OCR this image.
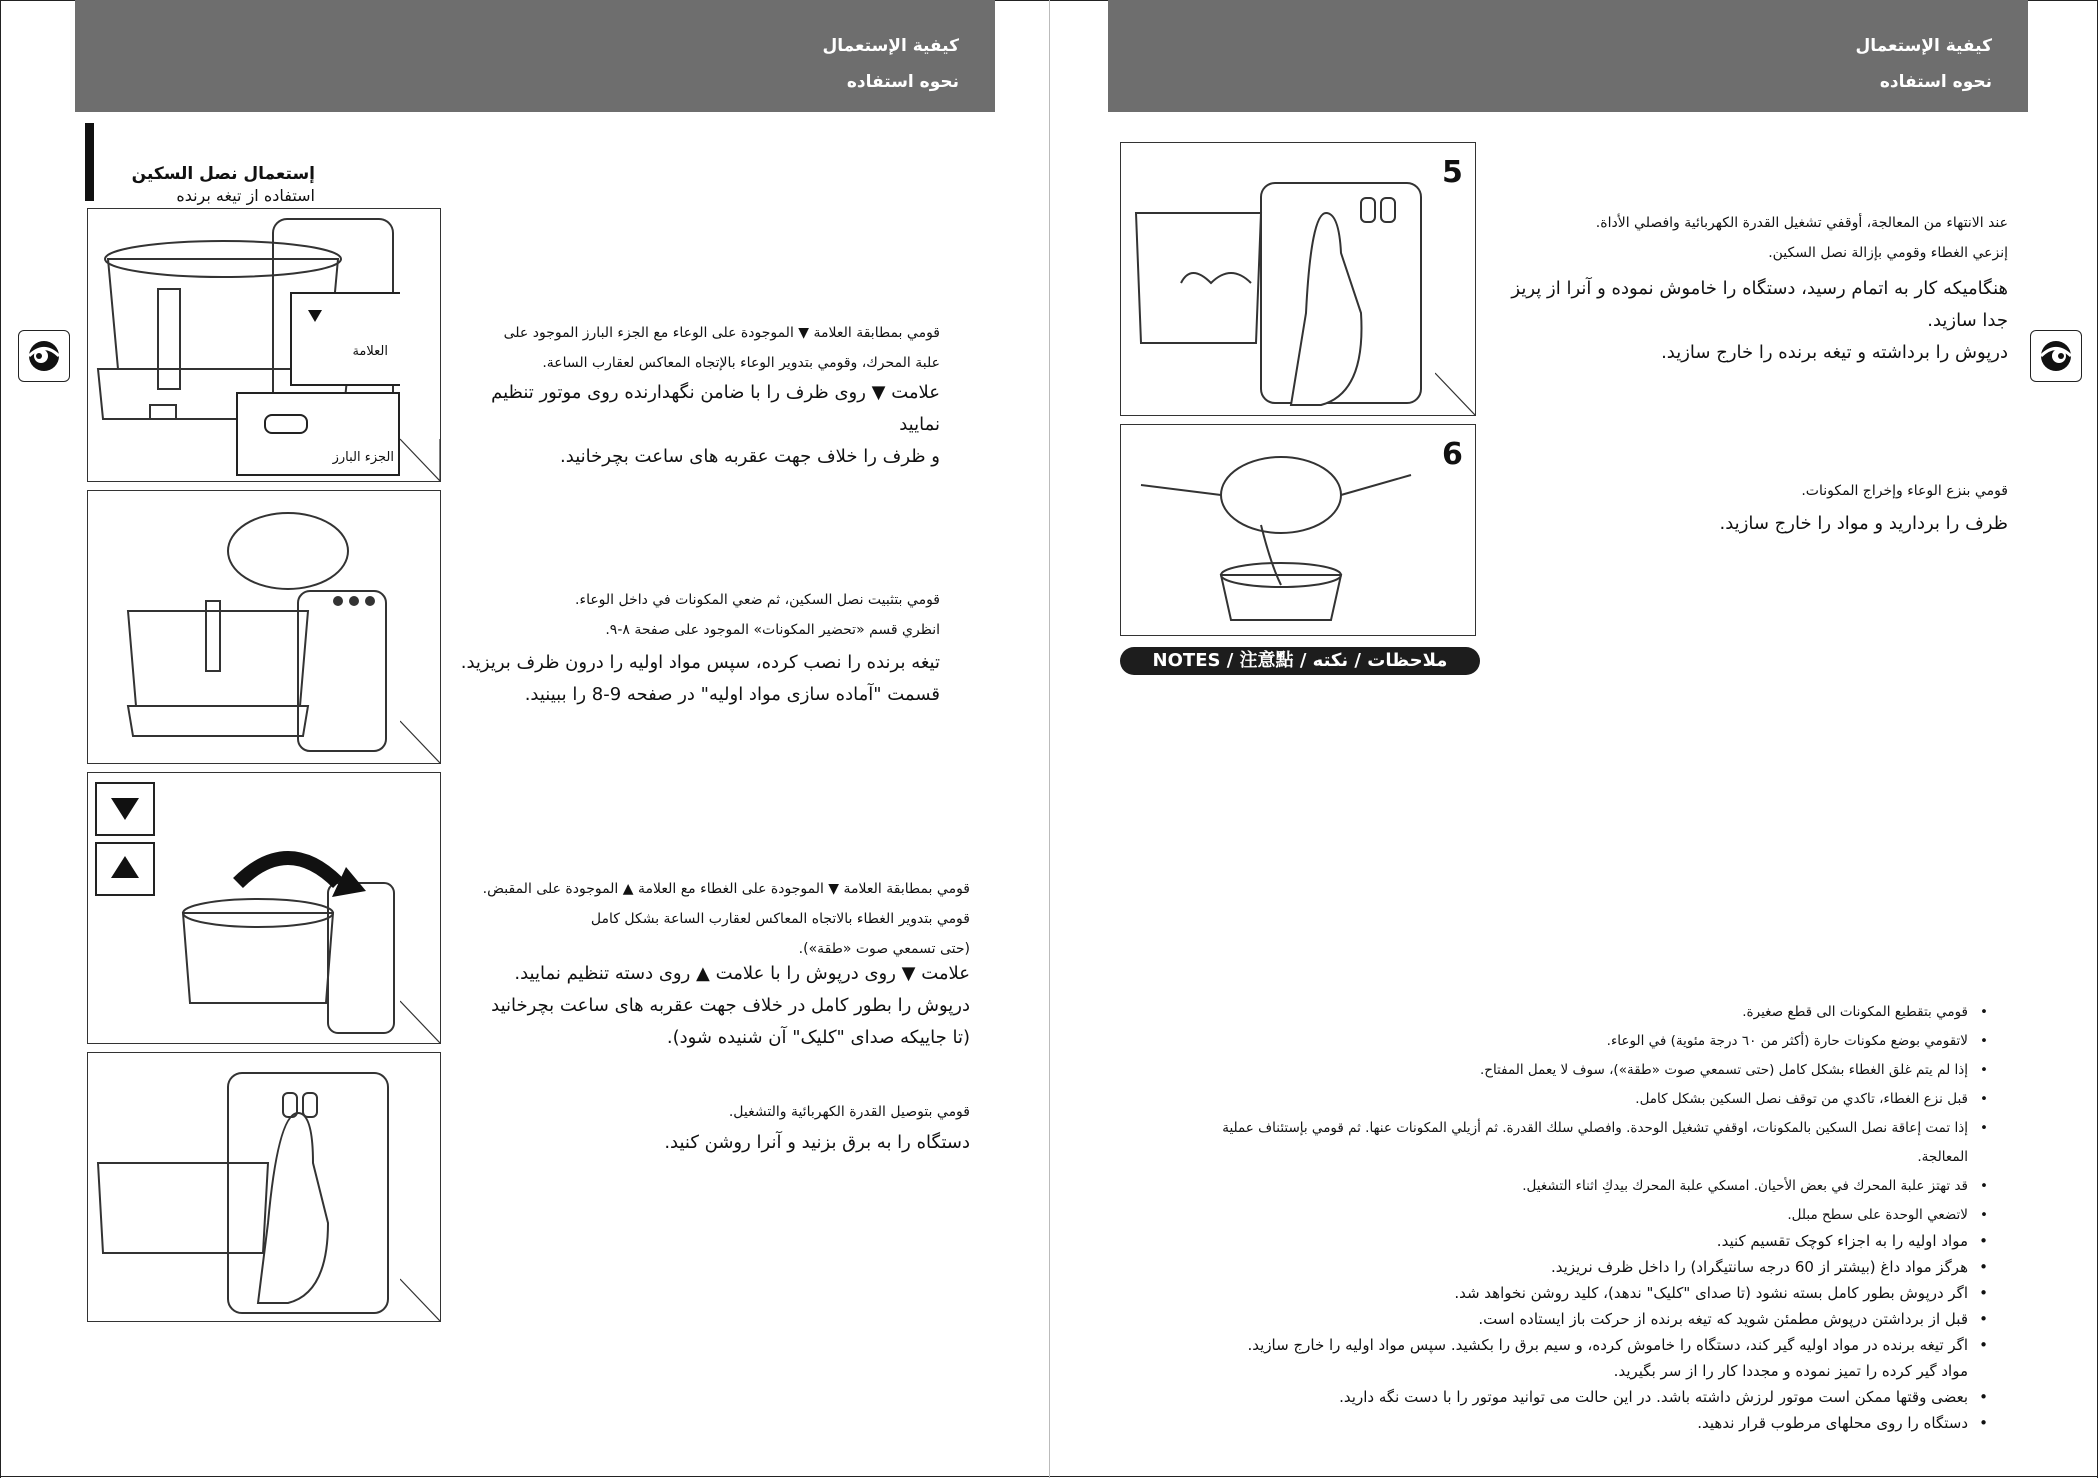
كيفية الإستعمال
نحوه استفاده
إستعمال نصل السكين
استفاده از تیغه برنده
العلامة
الجزء البارز
قومي بمطابقة العلامة ▼ الموجودة على الوعاء مع الجزء البارز الموجود على
علبة المحرك، وقومي بتدوير الوعاء بالإتجاه المعاكس لعقارب الساعة.
علامت ▼ روی ظرف را با ضامن نگهدارنده روی موتور تنظیم نمایید
و ظرف را خلاف جهت عقربه های ساعت بچرخانید.
قومي بتثبيت نصل السكين، ثم ضعي المكونات في داخل الوعاء.
انظري قسم «تحضير المكونات» الموجود على صفحة ٨-٩.
تیغه برنده را نصب کرده، سپس مواد اولیه را درون ظرف بریزید.
قسمت "آماده سازی مواد اولیه" در صفحه 9-8 را ببینید.
قومي بمطابقة العلامة ▼ الموجودة على الغطاء مع العلامة ▲ الموجودة على المقبض.
قومي بتدوير الغطاء بالاتجاه المعاكس لعقارب الساعة بشكل كامل
(حتى تسمعي صوت «طقة»).
علامت ▼ روی درپوش را با علامت ▲ روی دسته تنظیم نمایید.
درپوش را بطور کامل در خلاف جهت عقربه های ساعت بچرخانید
(تا جاییکه صدای "کلیک" آن شنیده شود).
قومي بتوصيل القدرة الكهربائية والتشغيل.
دستگاه را به برق بزنید و آنرا روشن کنید.
كيفية الإستعمال
نحوه استفاده
5
عند الانتهاء من المعالجة، أوقفي تشغيل القدرة الكهربائية وافصلي الأداة.
إنزعي الغطاء وقومي بإزالة نصل السكين.
هنگامیکه کار به اتمام رسید، دستگاه را خاموش نموده و آنرا از پریز جدا سازید.
درپوش را برداشته و تیغه برنده را خارج سازید.
6
قومي بنزع الوعاء وإخراج المكونات.
ظرف را بردارید و مواد را خارج سازید.
NOTES / 注意點 / ملاحظات / نکته
• قومي بتقطيع المكونات الى قطع صغيرة.
• لاتقومي بوضع مكونات حارة (أكثر من ٦٠ درجة مئوية) في الوعاء.
• إذا لم يتم غلق الغطاء بشكل كامل (حتى تسمعي صوت «طقة»)، سوف لا يعمل المفتاح.
• قبل نزع الغطاء، تاكدي من توقف نصل السكين بشكل كامل.
• إذا تمت إعاقة نصل السكين بالمكونات، اوقفي تشغيل الوحدة. وافصلي سلك القدرة. ثم أزيلي المكونات عنها. ثم قومي بإستئناف عملية المعالجة.
• قد تهتز علبة المحرك في بعض الأحيان. امسكي علبة المحرك بيدكِ اثناء التشغيل.
• لاتضعي الوحدة على سطح مبلل.
• مواد اولیه را به اجزاء کوچک تقسیم کنید.
• هرگز مواد داغ (بیشتر از 60 درجه سانتیگراد) را داخل ظرف نریزید.
• اگر درپوش بطور کامل بسته نشود (تا صدای "کلیک" ندهد)، کلید روشن نخواهد شد.
• قبل از برداشتن درپوش مطمئن شوید که تیغه برنده از حرکت باز ایستاده است.
• اگر تیغه برنده در مواد اولیه گیر کند، دستگاه را خاموش کرده، و سیم برق را بکشید. سپس مواد اولیه را خارج سازید. مواد گیر کرده را تمیز نموده و مجددا کار را از سر بگیرید.
• بعضی وقتها ممکن است موتور لرزش داشته باشد. در این حالت می توانید موتور را با دست نگه دارید.
• دستگاه را روی محلهای مرطوب قرار ندهید.
